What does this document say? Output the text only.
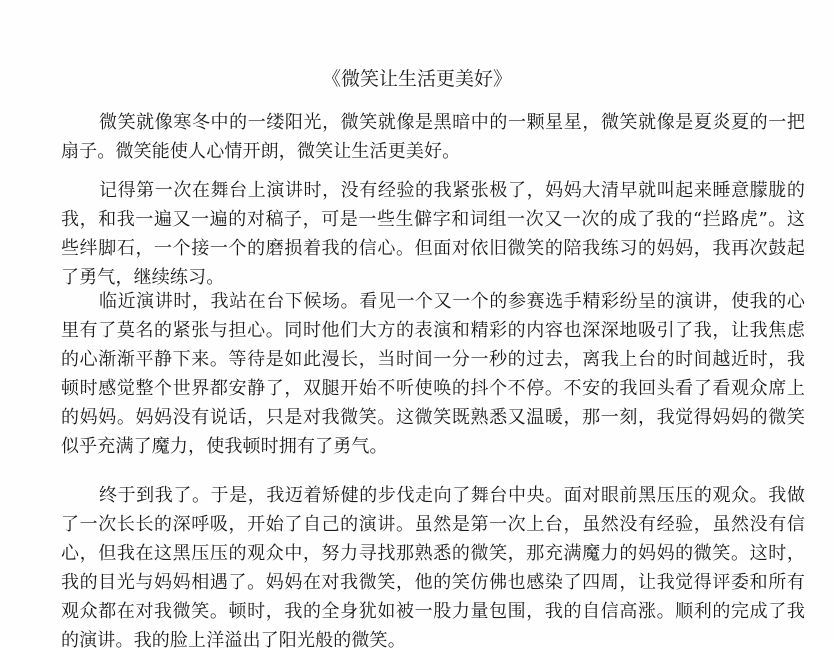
《微笑让生活更美好》

微笑就像寒冬中的一缕阳光，微笑就像是黑暗中的一颗星星，微笑就像是夏炎夏的一把扇子。微笑能使人心情开朗，微笑让生活更美好。

记得第一次在舞台上演讲时，没有经验的我紧张极了，妈妈大清早就叫起来睡意朦胧的我，和我一遍又一遍的对稿子，可是一些生僻字和词组一次又一次的成了我的“拦路虎”。这些绊脚石，一个接一个的磨损着我的信心。但面对依旧微笑的陪我练习的妈妈，我再次鼓起了勇气，继续练习。

临近演讲时，我站在台下候场。看见一个又一个的参赛选手精彩纷呈的演讲，使我的心里有了莫名的紧张与担心。同时他们大方的表演和精彩的内容也深深地吸引了我，让我焦虑的心渐渐平静下来。等待是如此漫长，当时间一分一秒的过去，离我上台的时间越近时，我顿时感觉整个世界都安静了，双腿开始不听使唤的抖个不停。不安的我回头看了看观众席上的妈妈。妈妈没有说话，只是对我微笑。这微笑既熟悉又温暖，那一刻，我觉得妈妈的微笑似乎充满了魔力，使我顿时拥有了勇气。

终于到我了。于是，我迈着矫健的步伐走向了舞台中央。面对眼前黑压压的观众。我做了一次长长的深呼吸，开始了自己的演讲。虽然是第一次上台，虽然没有经验，虽然没有信心，但我在这黑压压的观众中，努力寻找那熟悉的微笑，那充满魔力的妈妈的微笑。这时，我的目光与妈妈相遇了。妈妈在对我微笑，他的笑仿佛也感染了四周，让我觉得评委和所有观众都在对我微笑。顿时，我的全身犹如被一股力量包围，我的自信高涨。顺利的完成了我的演讲。我的脸上洋溢出了阳光般的微笑。
